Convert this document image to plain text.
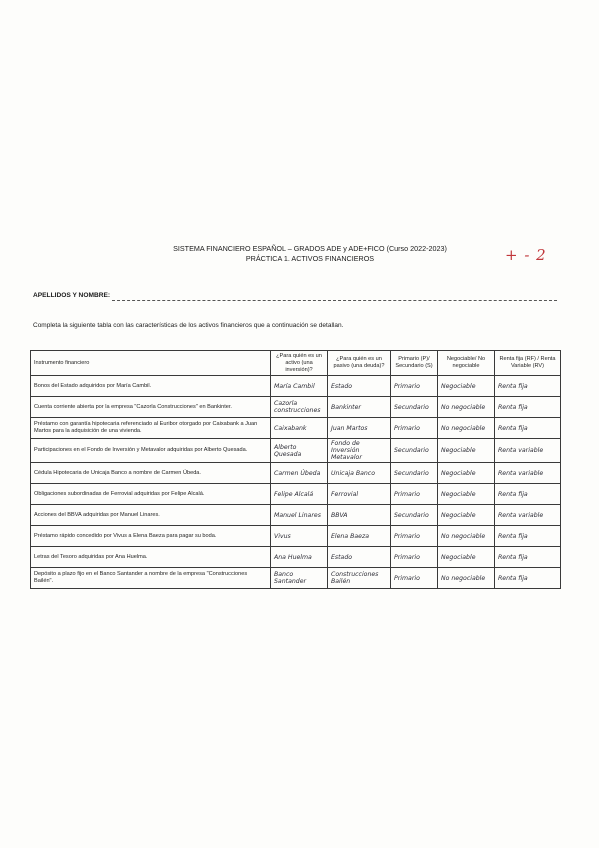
SISTEMA FINANCIERO ESPAÑOL – GRADOS ADE y ADE+FICO (Curso 2022-2023)
PRÁCTICA 1. ACTIVOS FINANCIEROS	+ - 2
APELLIDOS Y NOMBRE:
Completa la siguiente tabla con las características de los activos financieros que a continuación se detallan.
Instrumento financiero	¿Para quién es un activo (una inversión)?	¿Para quién es un pasivo (una deuda)?	Primario (P)/ Secundario (S)	Negociable/ No negociable	Renta fija (RF) / Renta Variable (RV)
Bonos del Estado adquiridos por María Cambil.	María Cambil	Estado	Primario	Negociable	Renta fija
Cuenta corriente abierta por la empresa "Cazorla Construcciones" en Bankinter.	Cazorla construcciones	Bankinter	Secundario	No negociable	Renta fija
Préstamo con garantía hipotecaria referenciado al Euribor otorgado por Caixabank a Juan Martos para la adquisición de una vivienda.	Caixabank	Juan Martos	Primario	No negociable	Renta fija
Participaciones en el Fondo de Inversión y Metavalor adquiridas por Alberto Quesada.	Alberto Quesada	Fondo de Inversión Metavalor	Secundario	Negociable	Renta variable
Cédula Hipotecaria de Unicaja Banco a nombre de Carmen Úbeda.	Carmen Úbeda	Unicaja Banco	Secundario	Negociable	Renta variable
Obligaciones subordinadas de Ferrovial adquiridas por Felipe Alcalá.	Felipe Alcalá	Ferrovial	Primario	Negociable	Renta fija
Acciones del BBVA adquiridas por Manuel Linares.	Manuel Linares	BBVA	Secundario	Negociable	Renta variable
Préstamo rápido concedido por Vivus a Elena Baeza para pagar su boda.	Vivus	Elena Baeza	Primario	No negociable	Renta fija
Letras del Tesoro adquiridas por Ana Huelma.	Ana Huelma	Estado	Primario	Negociable	Renta fija
Depósito a plazo fijo en el Banco Santander a nombre de la empresa "Construcciones Bailén".	Banco Santander	Construcciones Bailén	Primario	No negociable	Renta fija
